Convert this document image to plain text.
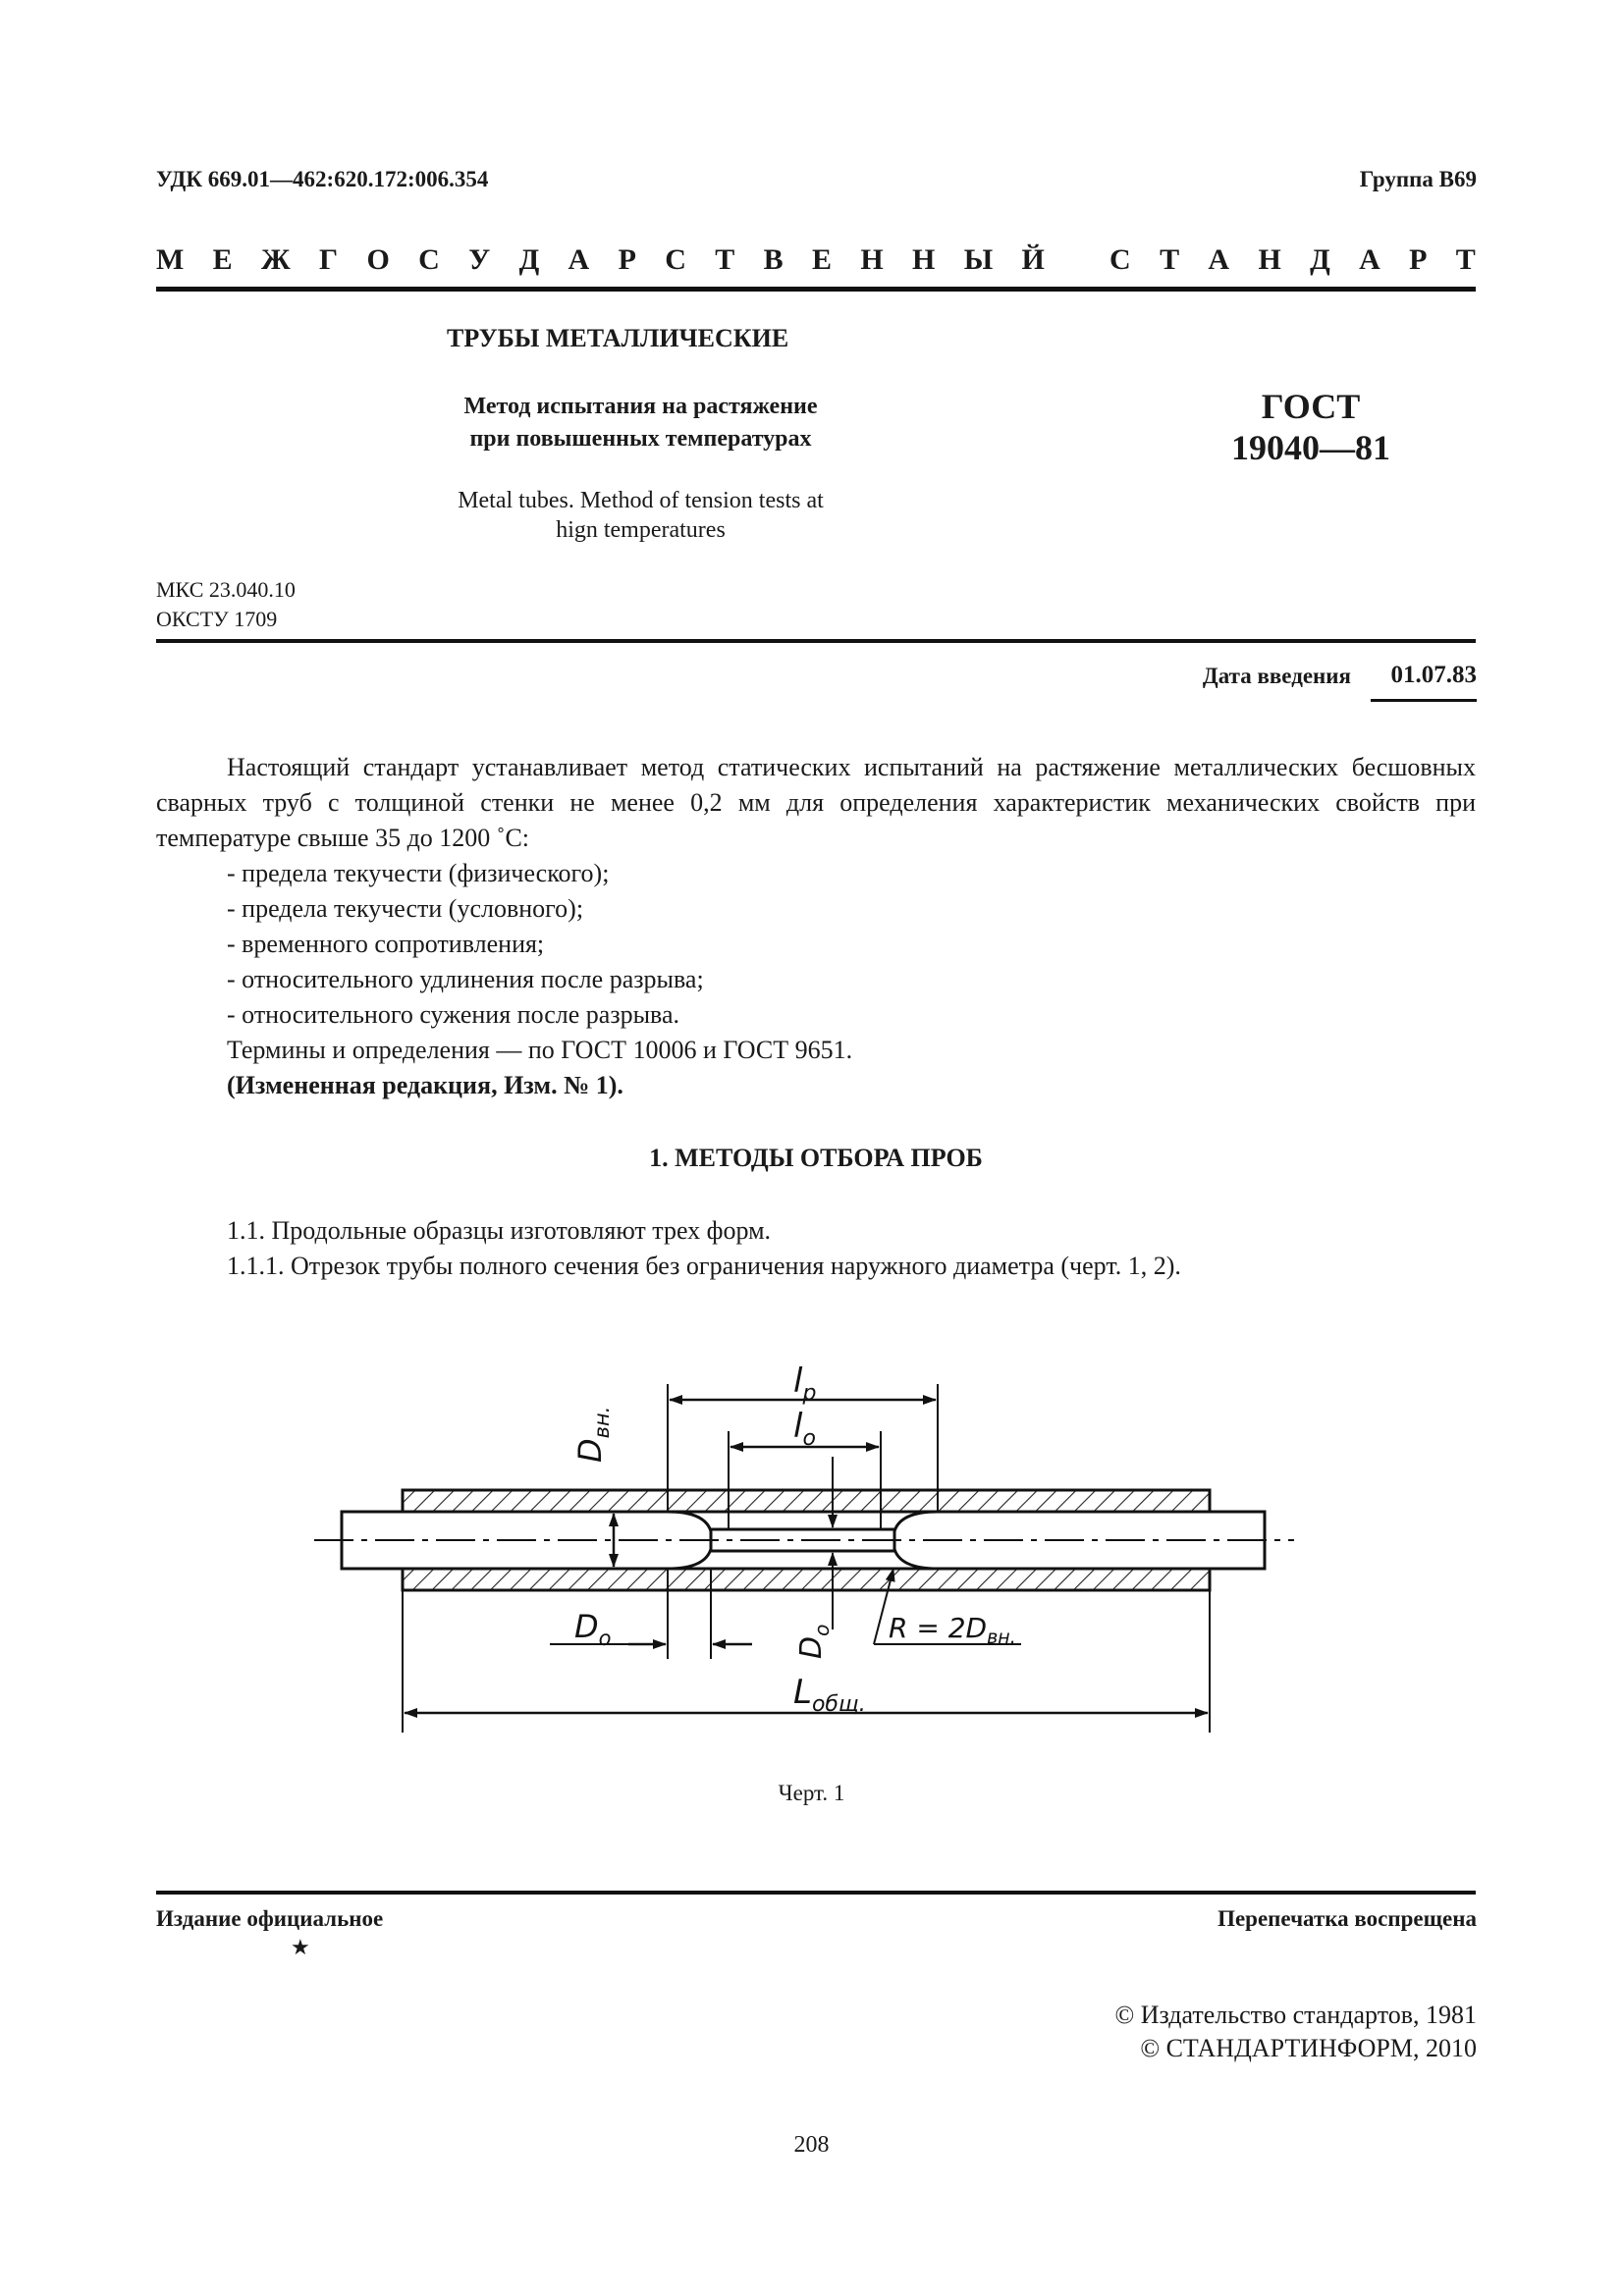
УДК 669.01—462:620.172:006.354	Группа В69
М Е Ж Г О С У Д А Р С Т В Е Н Н Ы Й
С Т А Н Д А Р Т
ТРУБЫ МЕТАЛЛИЧЕСКИЕ
Метод испытания на растяжение
при повышенных температурах
Metal tubes. Method of tension tests at
hign temperatures
ГОСТ
19040—81
МКС 23.040.10
ОКСТУ 1709
Дата введения 01.07.83

Настоящий стандарт устанавливает метод статических испытаний на растяжение металлических бесшовных сварных труб с толщиной стенки не менее 0,2 мм для определения характеристик механических свойств при температуре свыше 35 до 1200 ˚С:

- предела текучести (физического);

- предела текучести (условного);

- временного сопротивления;

- относительного удлинения после разрыва;

- относительного сужения после разрыва.

Термины и определения — по ГОСТ 10006 и ГОСТ 9651.

(Измененная редакция, Изм. № 1).

1. МЕТОДЫ ОТБОРА ПРОБ

1.1. Продольные образцы изготовляют трех форм.

1.1.1. Отрезок трубы полного сечения без ограничения наружного диаметра (черт. 1, 2).

$l_p$
$l_o$
$D_{вн.}$
$D_o$
$D_o$	$R = 2D_{вн.}$
$L_{общ.}$
Черт. 1
Издание официальное
★
Перепечатка воспрещена
© Издательство стандартов, 1981
© СТАНДАРТИНФОРМ, 2010
208
